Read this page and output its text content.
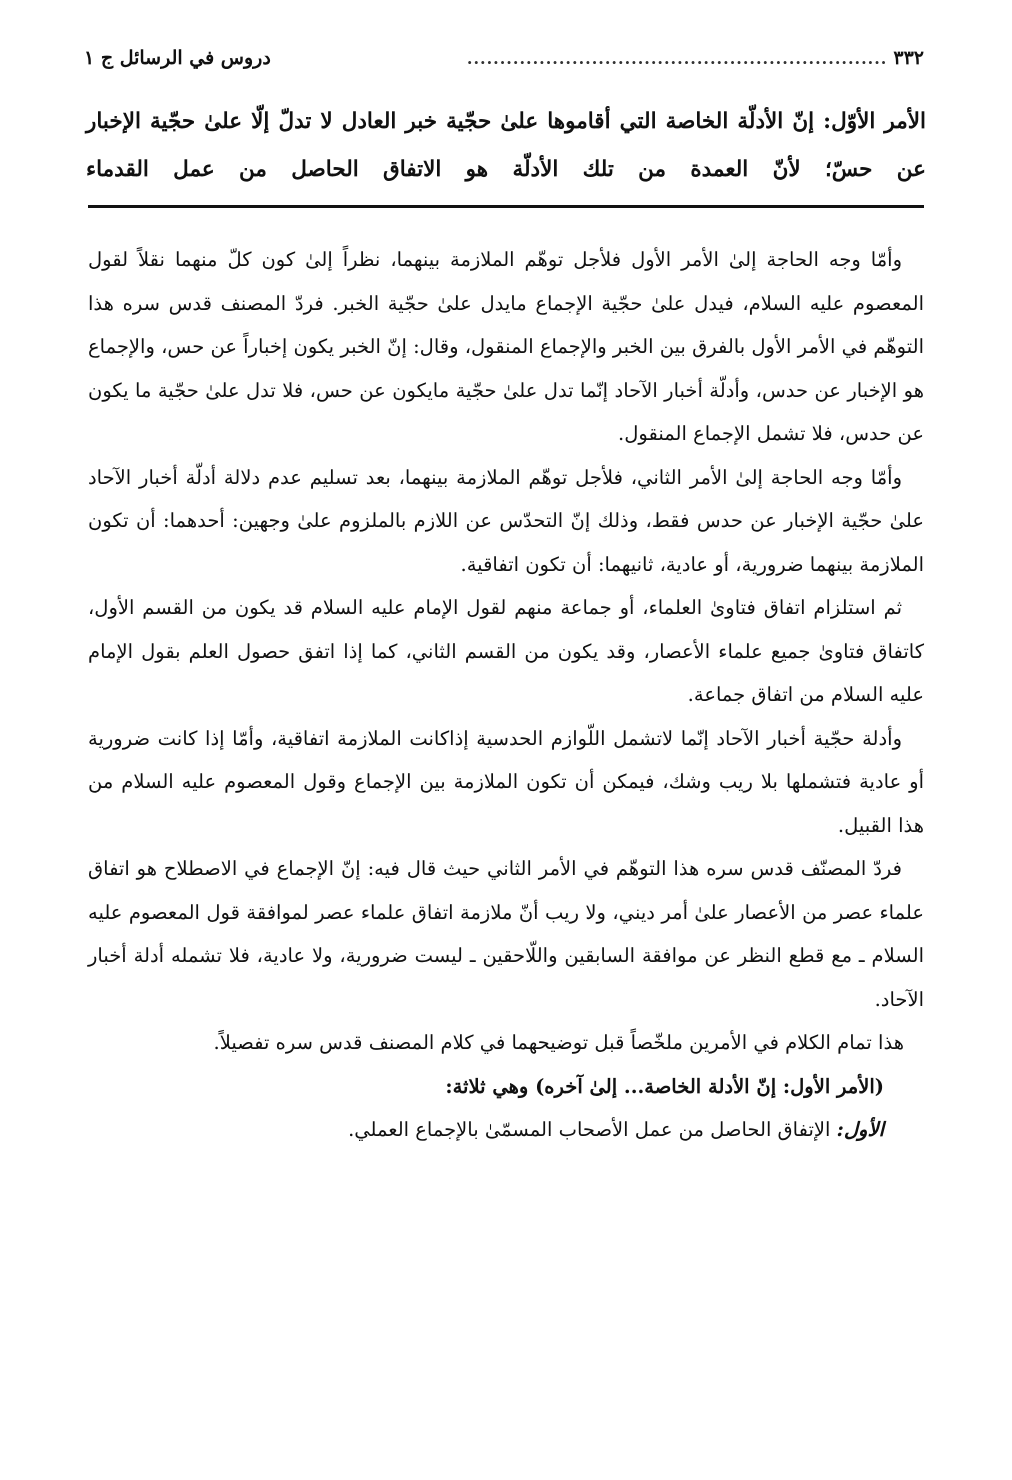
٣٣٢
................................................................
دروس في الرسائل ج ١
الأمر الأوّل: إنّ الأدلّة الخاصة التي أقاموها علىٰ حجّية خبر العادل لا تدلّ إلّا علىٰ حجّية الإخبار عن حسّ؛ لأنّ العمدة من تلك الأدلّة هو الاتفاق الحاصل من عمل القدماء

وأمّا وجه الحاجة إلىٰ الأمر الأول فلأجل توهّم الملازمة بينهما، نظراً إلىٰ كون كلّ منهما نقلاً لقول المعصوم عليه السلام، فيدل علىٰ حجّية الإجماع مايدل علىٰ حجّية الخبر. فردّ المصنف قدس سره هذا التوهّم في الأمر الأول بالفرق بين الخبر والإجماع المنقول، وقال: إنّ الخبر يكون إخباراً عن حس، والإجماع هو الإخبار عن حدس، وأدلّة أخبار الآحاد إنّما تدل علىٰ حجّية مايكون عن حس، فلا تدل علىٰ حجّية ما يكون عن حدس، فلا تشمل الإجماع المنقول.

وأمّا وجه الحاجة إلىٰ الأمر الثاني، فلأجل توهّم الملازمة بينهما، بعد تسليم عدم دلالة أدلّة أخبار الآحاد علىٰ حجّية الإخبار عن حدس فقط، وذلك إنّ التحدّس عن اللازم بالملزوم علىٰ وجهين: أحدهما: أن تكون الملازمة بينهما ضرورية، أو عادية، ثانيهما: أن تكون اتفاقية.

ثم استلزام اتفاق فتاوىٰ العلماء، أو جماعة منهم لقول الإمام عليه السلام قد يكون من القسم الأول، كاتفاق فتاوىٰ جميع علماء الأعصار، وقد يكون من القسم الثاني، كما إذا اتفق حصول العلم بقول الإمام عليه السلام من اتفاق جماعة.

وأدلة حجّية أخبار الآحاد إنّما لاتشمل اللّوازم الحدسية إذاكانت الملازمة اتفاقية، وأمّا إذا كانت ضرورية أو عادية فتشملها بلا ريب وشك، فيمكن أن تكون الملازمة بين الإجماع وقول المعصوم عليه السلام من هذا القبيل.

فردّ المصنّف قدس سره هذا التوهّم في الأمر الثاني حيث قال فيه: إنّ الإجماع في الاصطلاح هو اتفاق علماء عصر من الأعصار علىٰ أمر ديني، ولا ريب أنّ ملازمة اتفاق علماء عصر لموافقة قول المعصوم عليه السلام ـ مع قطع النظر عن موافقة السابقين واللّاحقين ـ ليست ضرورية، ولا عادية، فلا تشمله أدلة أخبار الآحاد.

هذا تمام الكلام في الأمرين ملخّصاً قبل توضيحهما في كلام المصنف قدس سره تفصيلاً.

(الأمر الأول: إنّ الأدلة الخاصة... إلىٰ آخره) وهي ثلاثة:

الأول: الإتفاق الحاصل من عمل الأصحاب المسمّىٰ بالإجماع العملي.
